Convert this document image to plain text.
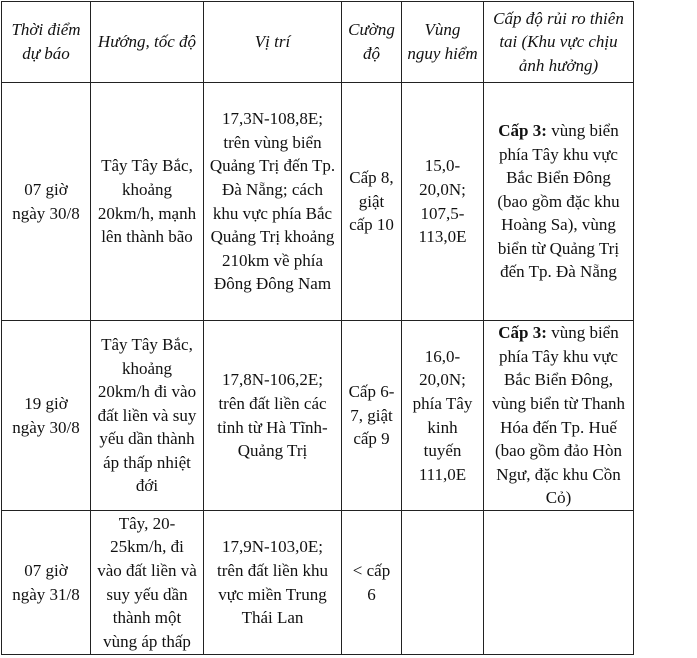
Thời điểm dự báo	Hướng, tốc độ	Vị trí	Cường độ	Vùng nguy hiểm	Cấp độ rủi ro thiên tai (Khu vực chịu ảnh hưởng)
07 giờ ngày 30/8	Tây Tây Bắc, khoảng 20km/h, mạnh lên thành bão	17,3N-108,8E; trên vùng biển Quảng Trị đến Tp. Đà Nẵng; cách khu vực phía Bắc Quảng Trị khoảng 210km về phía Đông Đông Nam	Cấp 8, giật cấp 10	15,0-20,0N; 107,5-113,0E	Cấp 3: vùng biển phía Tây khu vực Bắc Biển Đông (bao gồm đặc khu Hoàng Sa), vùng biển từ Quảng Trị đến Tp. Đà Nẵng
19 giờ ngày 30/8	Tây Tây Bắc, khoảng 20km/h đi vào đất liền và suy yếu dần thành áp thấp nhiệt đới	17,8N-106,2E; trên đất liền các tỉnh từ Hà Tĩnh-Quảng Trị	Cấp 6-7, giật cấp 9	16,0-20,0N; phía Tây kinh tuyến 111,0E	Cấp 3: vùng biển phía Tây khu vực Bắc Biển Đông, vùng biển từ Thanh Hóa đến Tp. Huế (bao gồm đảo Hòn Ngư, đặc khu Cồn Cỏ)
07 giờ ngày 31/8	Tây, 20-25km/h, đi vào đất liền và suy yếu dần thành một vùng áp thấp	17,9N-103,0E; trên đất liền khu vực miền Trung Thái Lan	< cấp 6		
